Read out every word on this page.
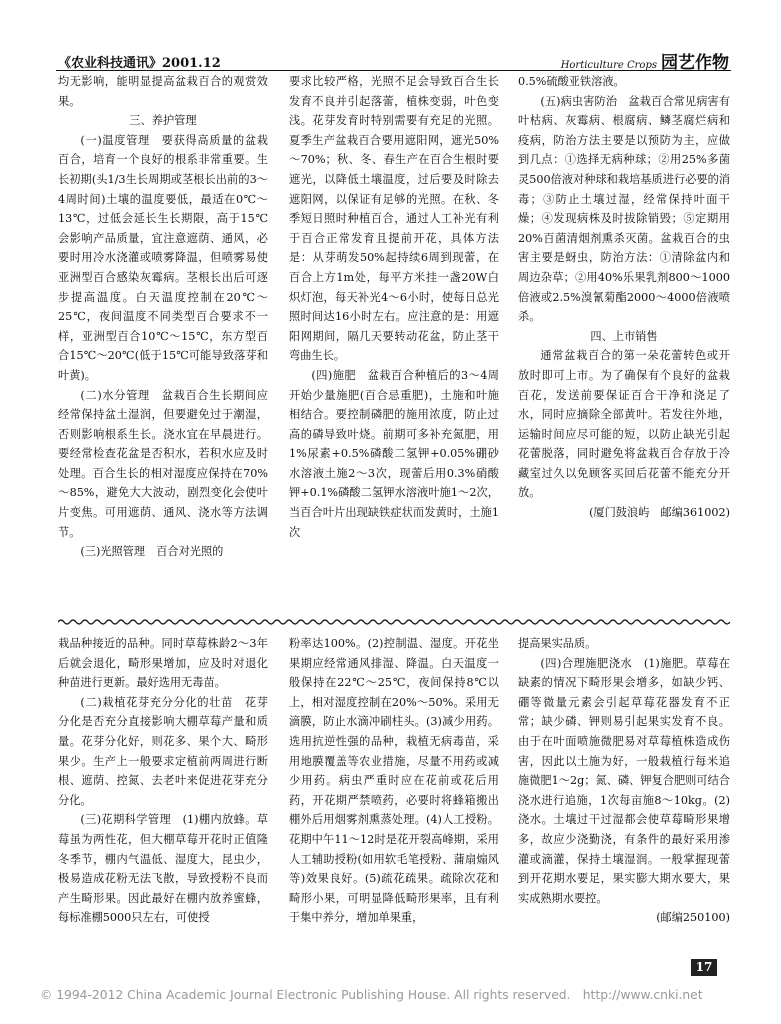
《农业科技通讯》2001.12	Horticulture Crops 园艺作物

均无影响，能明显提高盆栽百合的观赏效果。

三、养护管理

(一)温度管理　要获得高质量的盆栽百合，培育一个良好的根系非常重要。生长初期(头1/3生长周期或茎根长出前的3～4周时间)土壤的温度要低，最适在0℃～13℃，过低会延长生长期限，高于15℃会影响产品质量，宜注意遮荫、通风，必要时用冷水浇灌或喷雾降温，但喷雾易使亚洲型百合感染灰霉病。茎根长出后可逐步提高温度。白天温度控制在20℃～25℃，夜间温度不同类型百合要求不一样，亚洲型百合10℃～15℃，东方型百合15℃～20℃(低于15℃可能导致落芽和叶黄)。

(二)水分管理　盆栽百合生长期间应经常保持盆土湿润，但要避免过于潮湿，否则影响根系生长。浇水宜在早晨进行。要经常检查花盆是否积水，若积水应及时处理。百合生长的相对湿度应保持在70%～85%，避免大大波动，剧烈变化会使叶片变焦。可用遮荫、通风、浇水等方法调节。

(三)光照管理　百合对光照的

要求比较严格，光照不足会导致百合生长发育不良并引起落蕾，植株变弱，叶色变浅。花芽发育时特别需要有充足的光照。夏季生产盆栽百合要用遮阳网，遮光50%～70%；秋、冬、春生产在百合生根时要遮光，以降低土壤温度，过后要及时除去遮阳网，以保证有足够的光照。在秋、冬季短日照时种植百合，通过人工补光有利于百合正常发育且提前开花，具体方法是：从芽萌发50%起持续6周到现蕾，在百合上方1m处，每平方米挂一盏20W白炽灯泡，每天补光4～6小时，使每日总光照时间达16小时左右。应注意的是：用遮阳网期间，隔几天要转动花盆，防止茎干弯曲生长。

(四)施肥　盆栽百合种植后的3～4周开始少量施肥(百合忌重肥)，土施和叶施相结合。要控制磷肥的施用浓度，防止过高的磷导致叶烧。前期可多补充氮肥，用1%尿素+0.5%磷酸二氢钾+0.05%硼砂水溶液土施2～3次，现蕾后用0.3%硝酸钾+0.1%磷酸二氢钾水溶液叶施1～2次，当百合叶片出现缺铁症状而发黄时，土施1次

0.5%硫酸亚铁溶液。

(五)病虫害防治　盆栽百合常见病害有叶枯病、灰霉病、根腐病、鳞茎腐烂病和疫病，防治方法主要是以预防为主，应做到几点：①选择无病种球；②用25%多菌灵500倍液对种球和栽培基质进行必要的消毒；③防止土壤过湿，经常保持叶面干燥；④发现病株及时拔除销毁；⑤定期用20%百菌清烟剂熏杀灭菌。盆栽百合的虫害主要是蚜虫，防治方法：①清除盆内和周边杂草；②用40%乐果乳剂800～1000倍液或2.5%溴氰菊酯2000～4000倍液喷杀。

四、上市销售

通常盆栽百合的第一朵花蕾转色或开放时即可上市。为了确保有个良好的盆栽百花，发送前要保证百合干净和浇足了水，同时应摘除全部黄叶。若发往外地，运输时间应尽可能的短，以防止缺光引起花蕾脱落，同时避免将盆栽百合存放于冷藏室过久以免顾客买回后花蕾不能充分开放。

(厦门鼓浪屿　邮编361002)

栽品种接近的品种。同时草莓株龄2～3年后就会退化，畸形果增加，应及时对退化种苗进行更新。最好选用无毒苗。

(二)栽植花芽充分分化的壮苗　花芽分化是否充分直接影响大棚草莓产量和质量。花芽分化好，则花多、果个大、畸形果少。生产上一般要求定植前两周进行断根、遮荫、控氮、去老叶来促进花芽充分分化。

(三)花期科学管理　(1)棚内放蜂。草莓虽为两性花，但大棚草莓开花时正值隆冬季节，棚内气温低、湿度大，昆虫少，极易造成花粉无法飞散，导致授粉不良而产生畸形果。因此最好在棚内放养蜜蜂，每标准棚5000只左右，可使授

粉率达100%。(2)控制温、湿度。开花坐果期应经常通风排湿、降温。白天温度一般保持在22℃～25℃，夜间保持8℃以上，相对湿度控制在20%～50%。采用无滴膜，防止水滴冲刷柱头。(3)减少用药。选用抗逆性强的品种，栽植无病毒苗，采用地膜覆盖等农业措施，尽量不用药或减少用药。病虫严重时应在花前或花后用药，开花期严禁喷药，必要时将蜂箱搬出棚外后用烟雾剂熏蒸处理。(4)人工授粉。花期中午11～12时是花开裂高峰期，采用人工辅助授粉(如用软毛笔授粉、蒲扇煽风等)效果良好。(5)疏花疏果。疏除次花和畸形小果，可明显降低畸形果率，且有利于集中养分，增加单果重，

提高果实品质。

(四)合理施肥浇水　(1)施肥。草莓在缺素的情况下畸形果会增多，如缺少钙、硼等微量元素会引起草莓花器发育不正常；缺少磷、钾则易引起果实发育不良。由于在叶面喷施微肥易对草莓植株造成伤害，因此以土施为好，一般栽植行每米追施微肥1～2g；氮、磷、钾复合肥则可结合浇水进行追施，1次每亩施8～10kg。(2)浇水。土壤过干过湿都会使草莓畸形果增多，故应少浇勤浇，有条件的最好采用渗灌或滴灌，保持土壤湿润。一般掌握现蕾到开花期水要足，果实膨大期水要大，果实成熟期水要控。

(邮编250100)

17
© 1994-2012 China Academic Journal Electronic Publishing House. All rights reserved.　http://www.cnki.net
